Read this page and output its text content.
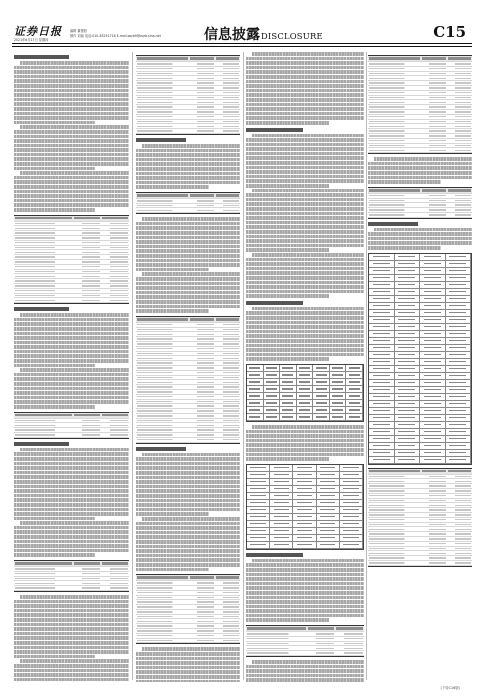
证券日报
2021年6月17日 星期四
编辑 董蕾阳
制作 刘丽 电话:010-83251716 E-mail:zqrb9@zqrb.sina.net	信息披露DISCLOSURE	C15
(下转C16版)
